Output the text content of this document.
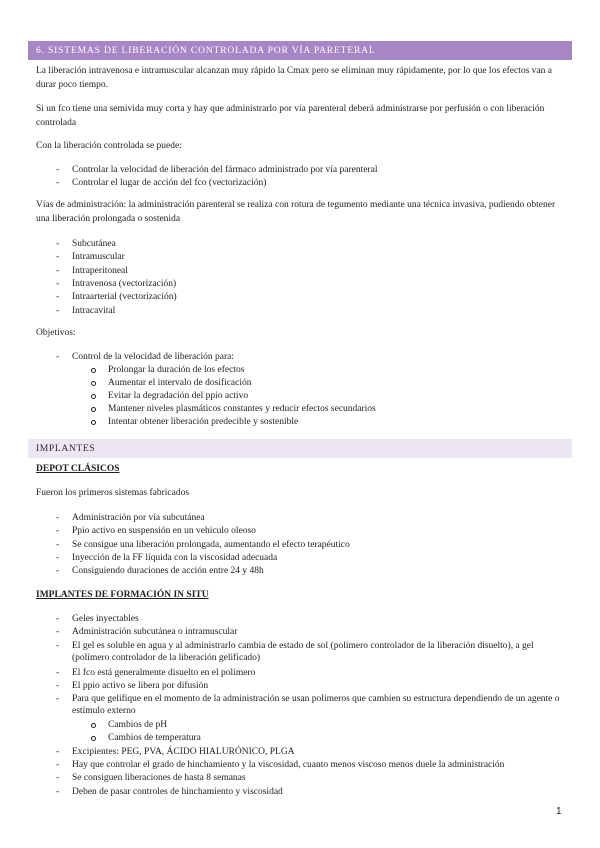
6. SISTEMAS DE LIBERACIÓN CONTROLADA POR VÍA PARETERAL

La liberación intravenosa e intramuscular alcanzan muy rápido la Cmax pero se eliminan muy rápidamente, por lo que los efectos van a durar poco tiempo.

Si un fco tiene una semivida muy corta y hay que administrarlo por vía parenteral deberá administrarse por perfusión o con liberación controlada

Con la liberación controlada se puede:

- Controlar la velocidad de liberación del fármaco administrado por vía parenteral

- Controlar el lugar de acción del fco (vectorización)

Vías de administración: la administración parenteral se realiza con rotura de tegumento mediante una técnica invasiva, pudiendo obtener una liberación prolongada o sostenida

- Subcutánea

- Intramuscular

- Intraperitoneal

- Intravenosa (vectorización)

- Intraarterial (vectorización)

- Intracavital

Objetivos:

- Control de la velocidad de liberación para:

Prolongar la duración de los efectos

Aumentar el intervalo de dosificación

Evitar la degradación del ppio activo

Mantener niveles plasmáticos constantes y reducir efectos secundarios

Intentar obtener liberación predecible y sostenible

IMPLANTES
DEPOT CLÁSICOS

Fueron los primeros sistemas fabricados

- Administración por vía subcutánea

- Ppio activo en suspensión en un vehículo oleoso

- Se consigue una liberación prolongada, aumentando el efecto terapéutico

- Inyección de la FF líquida con la viscosidad adecuada

- Consiguiendo duraciones de acción entre 24 y 48h

IMPLANTES DE FORMACIÓN IN SITU
- Geles inyectables

- Administración subcutánea o intramuscular

- El gel es soluble en agua y al administrarlo cambia de estado de sol (polímero controlador de la liberación disuelto), a gel (polímero controlador de la liberación gelificado)

- El fco está generalmente disuelto en el polímero

- El ppio activo se libera por difusión

- Para que gelifique en el momento de la administración se usan polímeros que cambien su estructura dependiendo de un agente o estímulo externo

Cambios de pH

Cambios de temperatura

- Excipientes: PEG, PVA, ÁCIDO HIALURÓNICO, PLGA

- Hay que controlar el grado de hinchamiento y la viscosidad, cuanto menos viscoso menos duele la administración

- Se consiguen liberaciones de hasta 8 semanas

- Deben de pasar controles de hinchamiento y viscosidad

1
